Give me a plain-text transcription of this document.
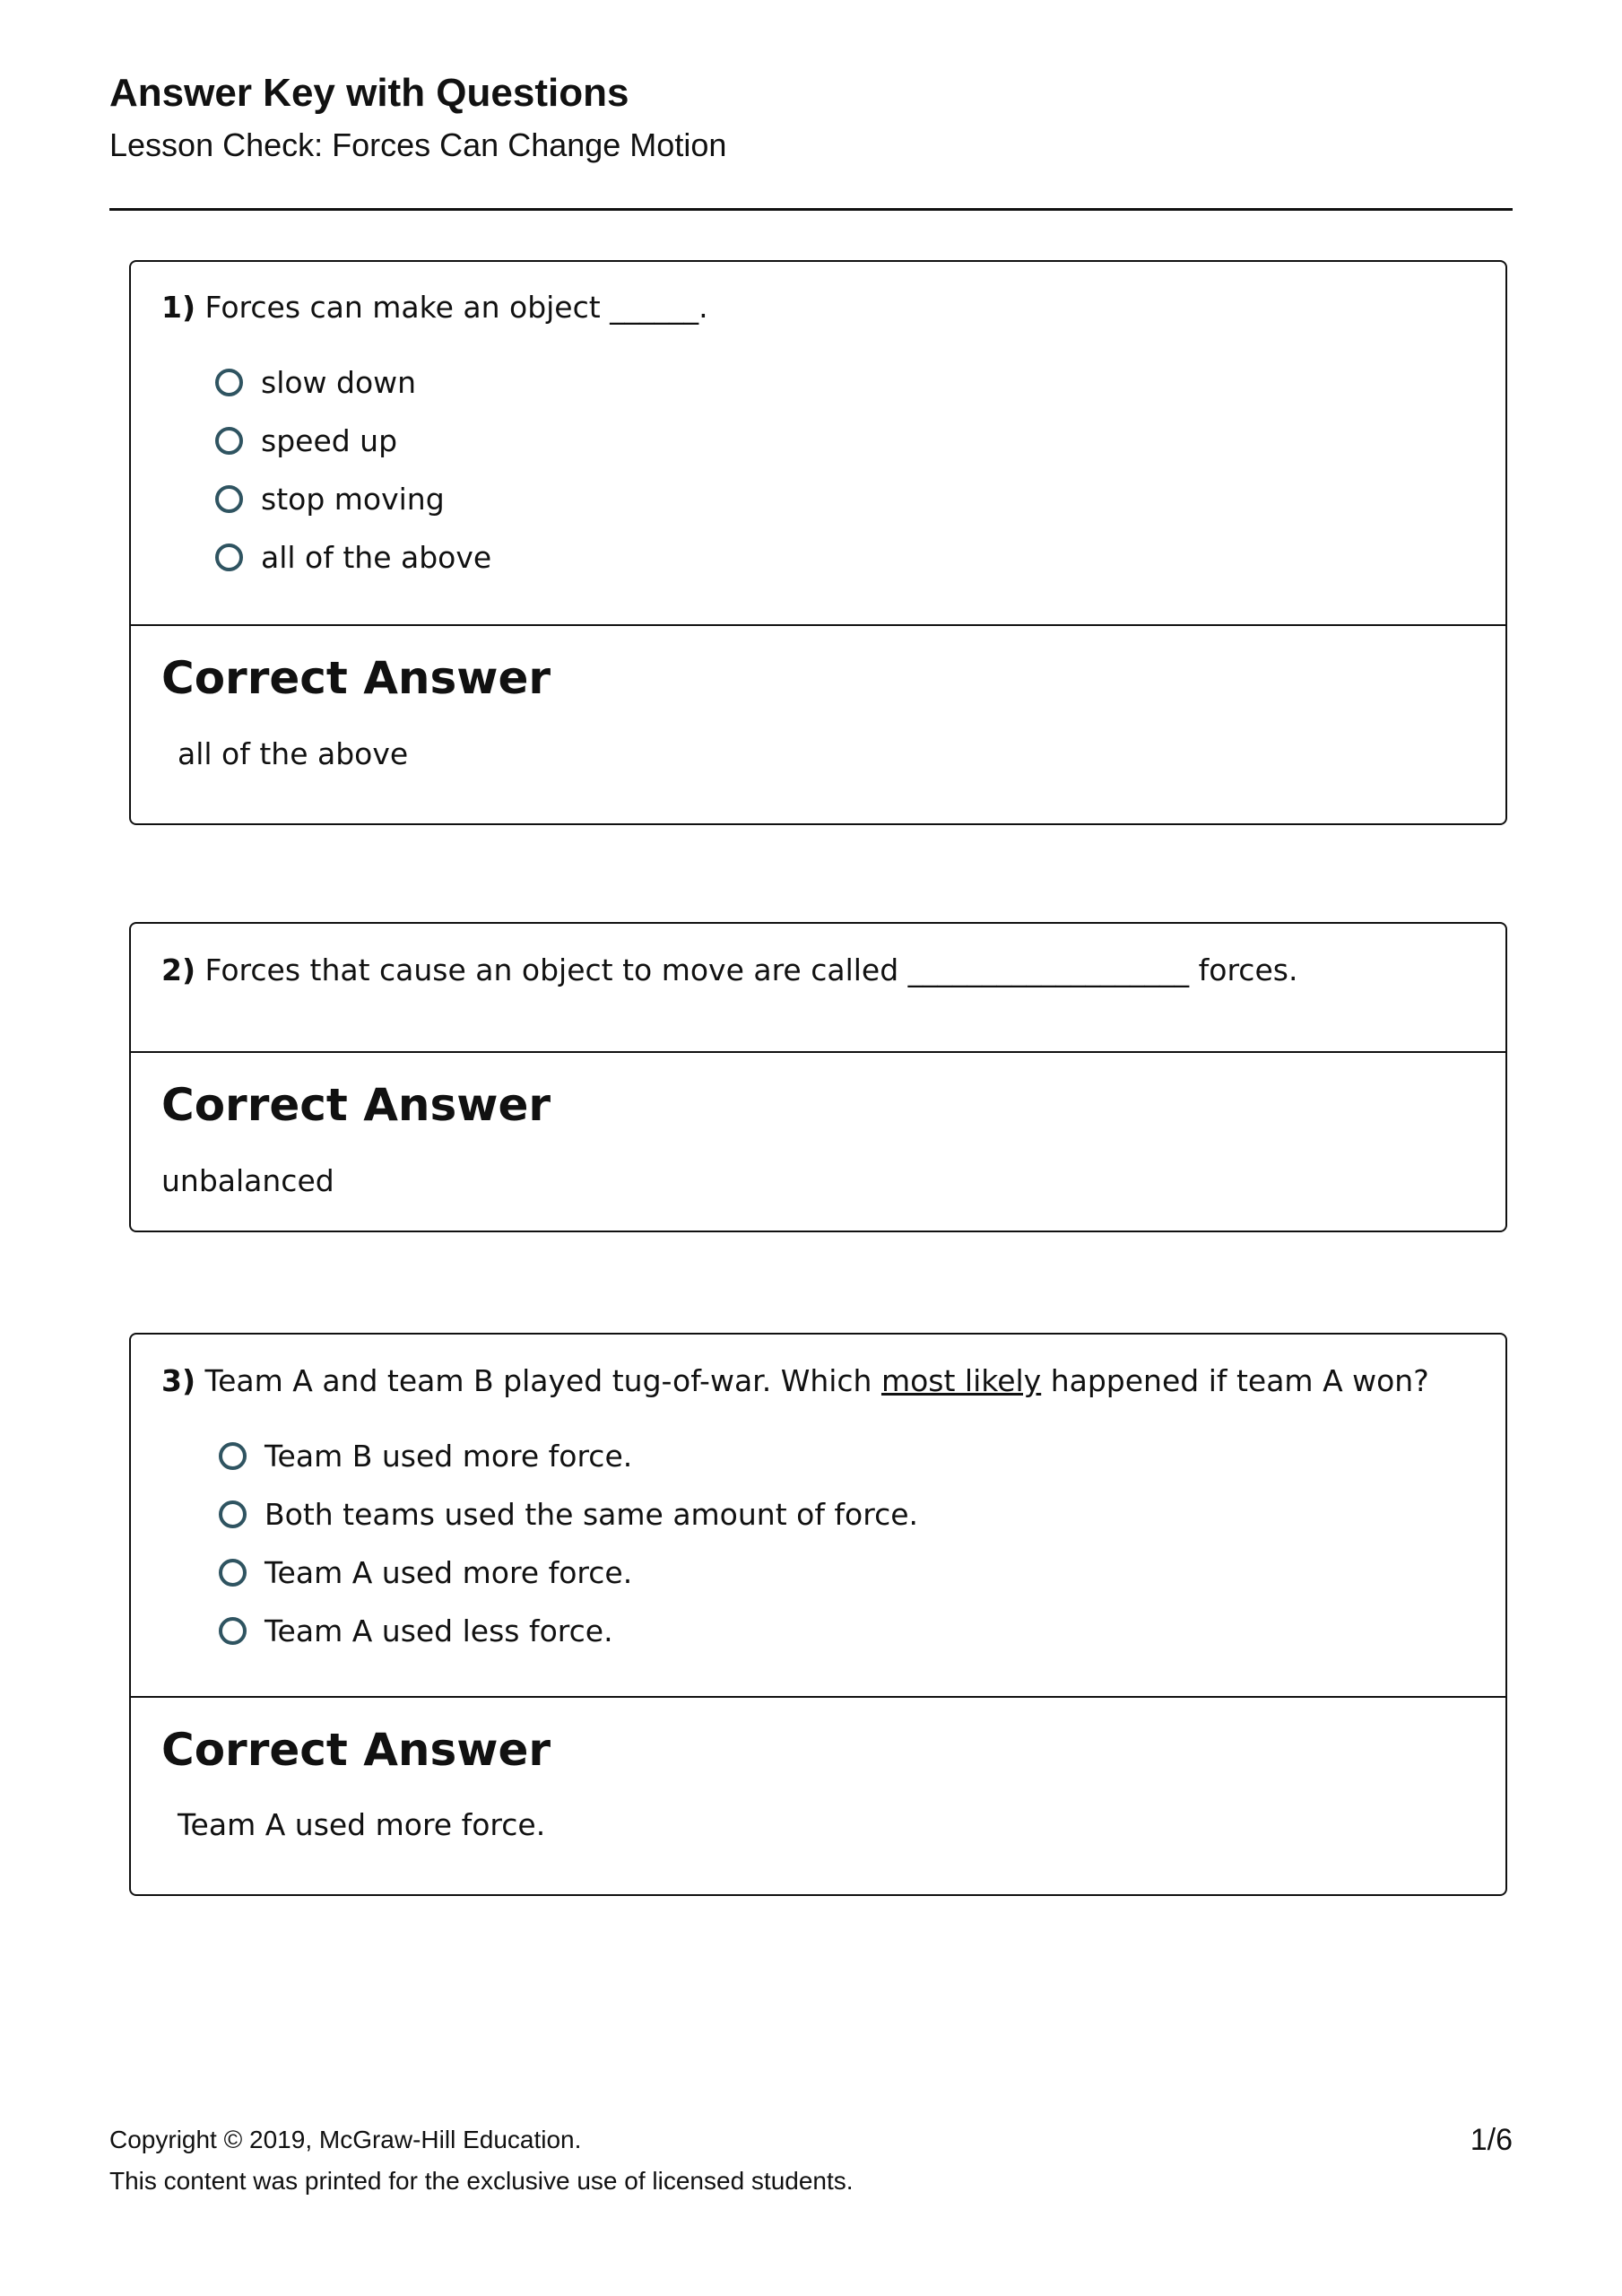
Answer Key with Questions
Lesson Check: Forces Can Change Motion
1) Forces can make an object ______.
slow down
speed up
stop moving
all of the above
Correct Answer
all of the above
2) Forces that cause an object to move are called ___________________ forces.
Correct Answer
unbalanced
3) Team A and team B played tug-of-war. Which most likely happened if team A won?
Team B used more force.
Both teams used the same amount of force.
Team A used more force.
Team A used less force.
Correct Answer
Team A used more force.
Copyright © 2019, McGraw-Hill Education.
This content was printed for the exclusive use of licensed students.
1/6
